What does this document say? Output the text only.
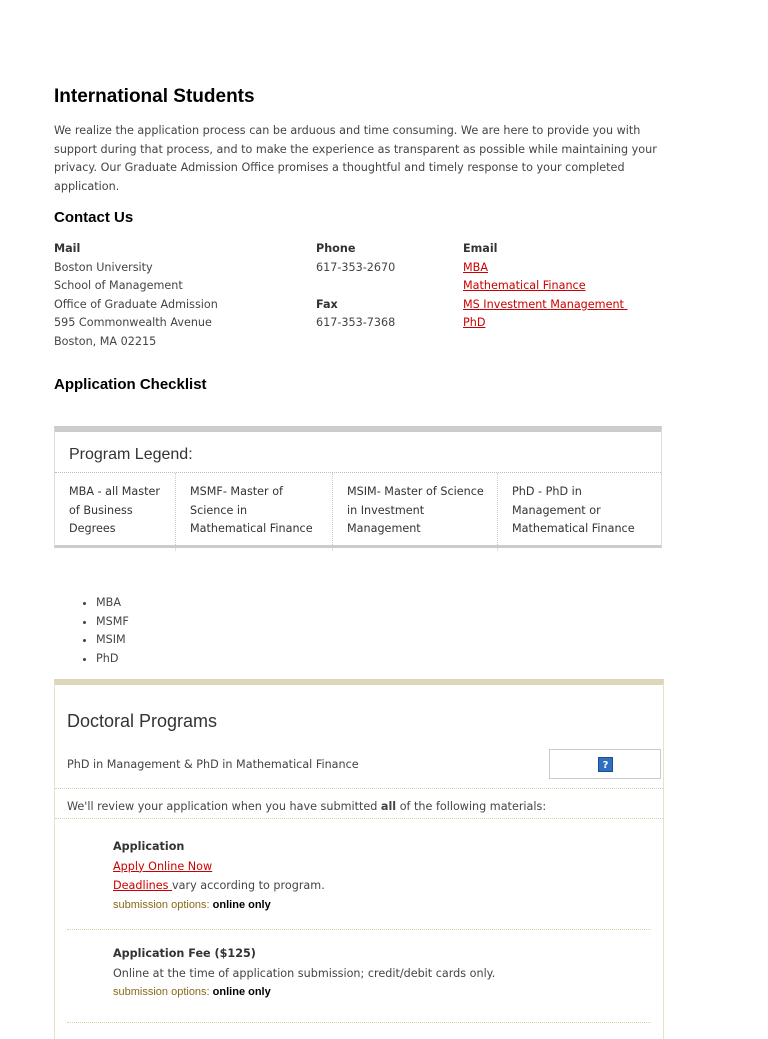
International Students
We realize the application process can be arduous and time consuming. We are here to provide you with support during that process, and to make the experience as transparent as possible while maintaining your privacy. Our Graduate Admission Office promises a thoughtful and timely response to your completed application.
Contact Us
Mail
Boston University
School of Management
Office of Graduate Admission
595 Commonwealth Avenue
Boston, MA 02215
Phone
617-353-2670
Fax
617-353-7368
Email
MBA
Mathematical Finance
MS Investment Management
PhD
Application Checklist
Program Legend:
MBA - all Master of Business Degrees
MSMF- Master of Science in Mathematical Finance
MSIM- Master of Science in Investment Management
PhD - PhD in Management or Mathematical Finance
• MBA
• MSMF
• MSIM
• PhD
Doctoral Programs
PhD in Management & PhD in Mathematical Finance	?
We'll review your application when you have submitted all of the following materials:
Application
Apply Online Now
Deadlines vary according to program.
submission options: online only
Application Fee ($125)
Online at the time of application submission; credit/debit cards only.
submission options: online only
